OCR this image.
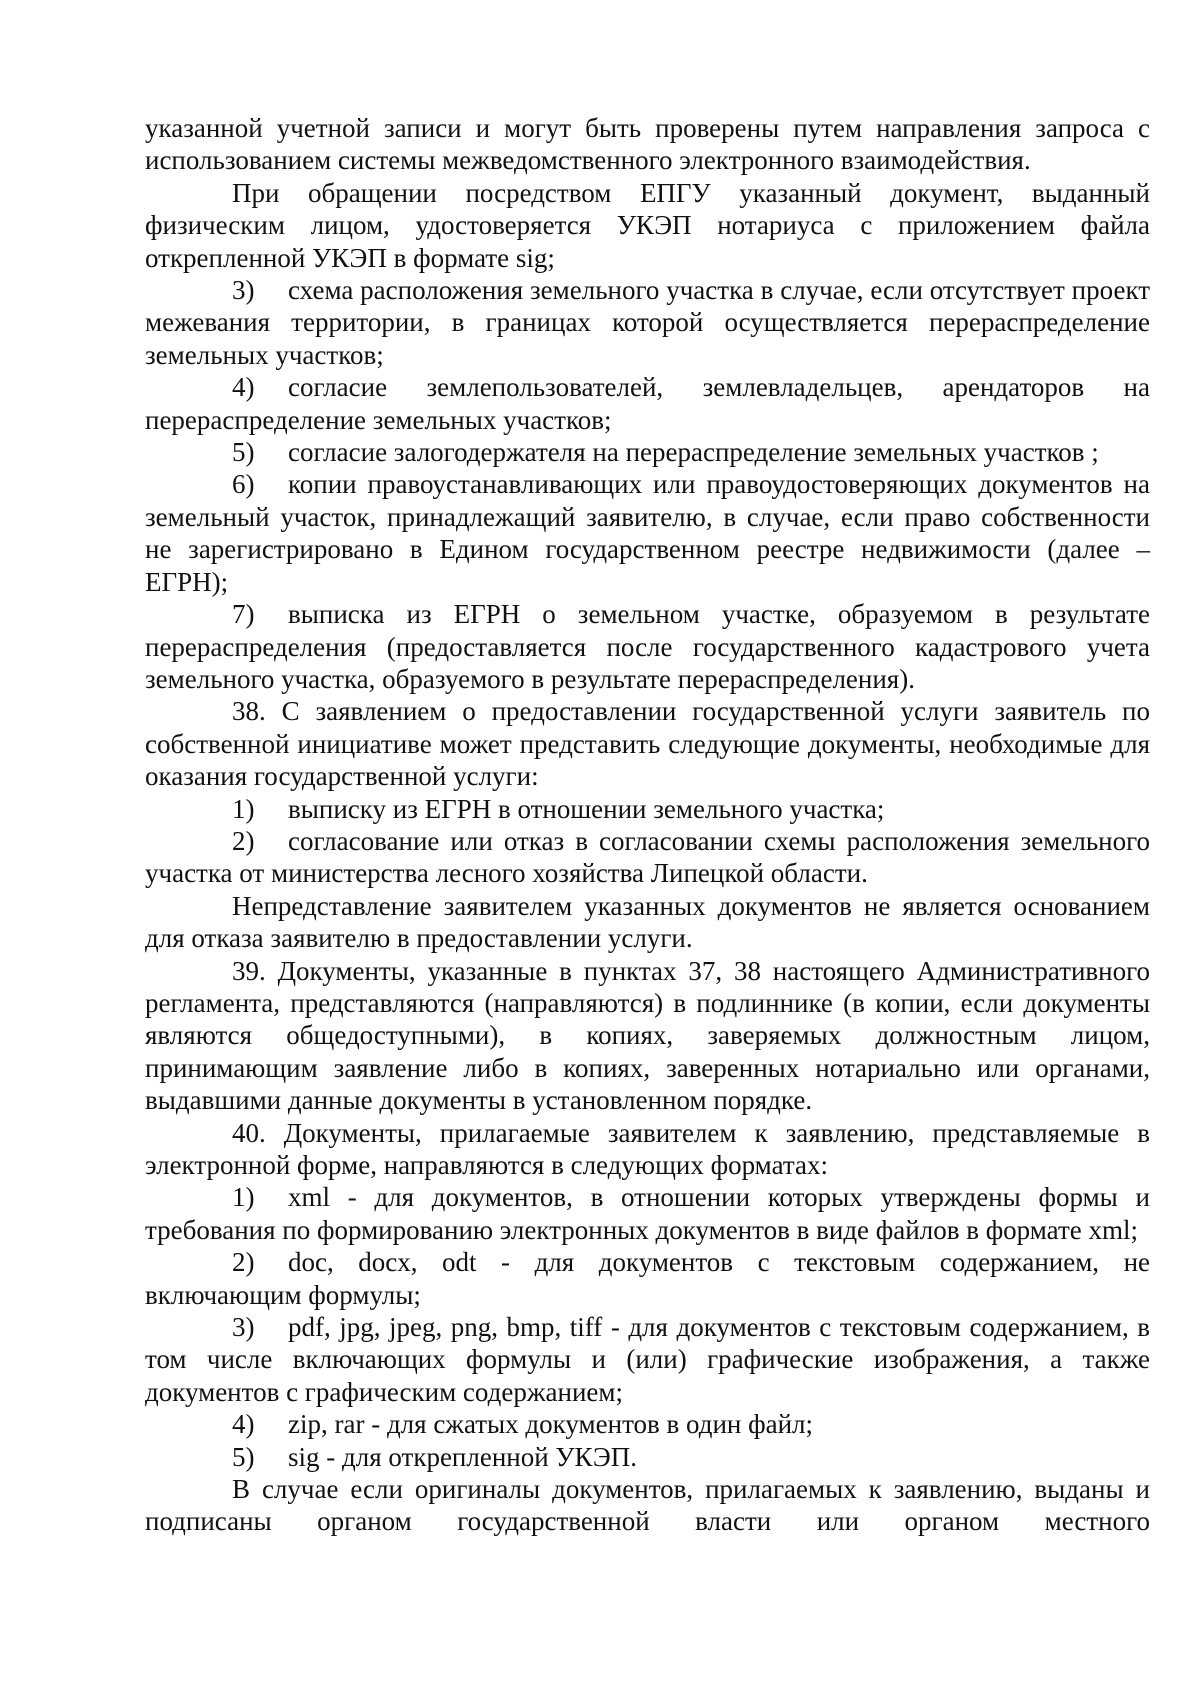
указанной учетной записи и могут быть проверены путем направления запроса с использованием системы межведомственного электронного взаимодействия.

При обращении посредством ЕПГУ указанный документ, выданный физическим лицом, удостоверяется УКЭП нотариуса с приложением файла открепленной УКЭП в формате sig;

3) схема расположения земельного участка в случае, если отсутствует проект межевания территории, в границах которой осуществляется перераспределение земельных участков;

4) согласие землепользователей, землевладельцев, арендаторов на перераспределение земельных участков;

5) согласие залогодержателя на перераспределение земельных участков ;

6) копии правоустанавливающих или правоудостоверяющих документов на земельный участок, принадлежащий заявителю, в случае, если право собственности не зарегистрировано в Едином государственном реестре недвижимости (далее – ЕГРН);

7) выписка из ЕГРН о земельном участке, образуемом в результате перераспределения (предоставляется после государственного кадастрового учета земельного участка, образуемого в результате перераспределения).

38. С заявлением о предоставлении государственной услуги заявитель по собственной инициативе может представить следующие документы, необходимые для оказания государственной услуги:

1) выписку из ЕГРН в отношении земельного участка;

2) согласование или отказ в согласовании схемы расположения земельного участка от министерства лесного хозяйства Липецкой области.

Непредставление заявителем указанных документов не является основанием для отказа заявителю в предоставлении услуги.

39. Документы, указанные в пунктах 37, 38 настоящего Административного регламента, представляются (направляются) в подлиннике (в копии, если документы являются общедоступными), в копиях, заверяемых должностным лицом, принимающим заявление либо в копиях, заверенных нотариально или органами, выдавшими данные документы в установленном порядке.

40. Документы, прилагаемые заявителем к заявлению, представляемые в электронной форме, направляются в следующих форматах:

1) xml - для документов, в отношении которых утверждены формы и требования по формированию электронных документов в виде файлов в формате xml;

2) doc, docx, odt - для документов с текстовым содержанием, не включающим формулы;

3) pdf, jpg, jpeg, png, bmp, tiff - для документов с текстовым содержанием, в том числе включающих формулы и (или) графические изображения, а также документов с графическим содержанием;

4) zip, rar - для сжатых документов в один файл;

5) sig - для открепленной УКЭП.

В случае если оригиналы документов, прилагаемых к заявлению, выданы и подписаны органом государственной власти или органом местного
